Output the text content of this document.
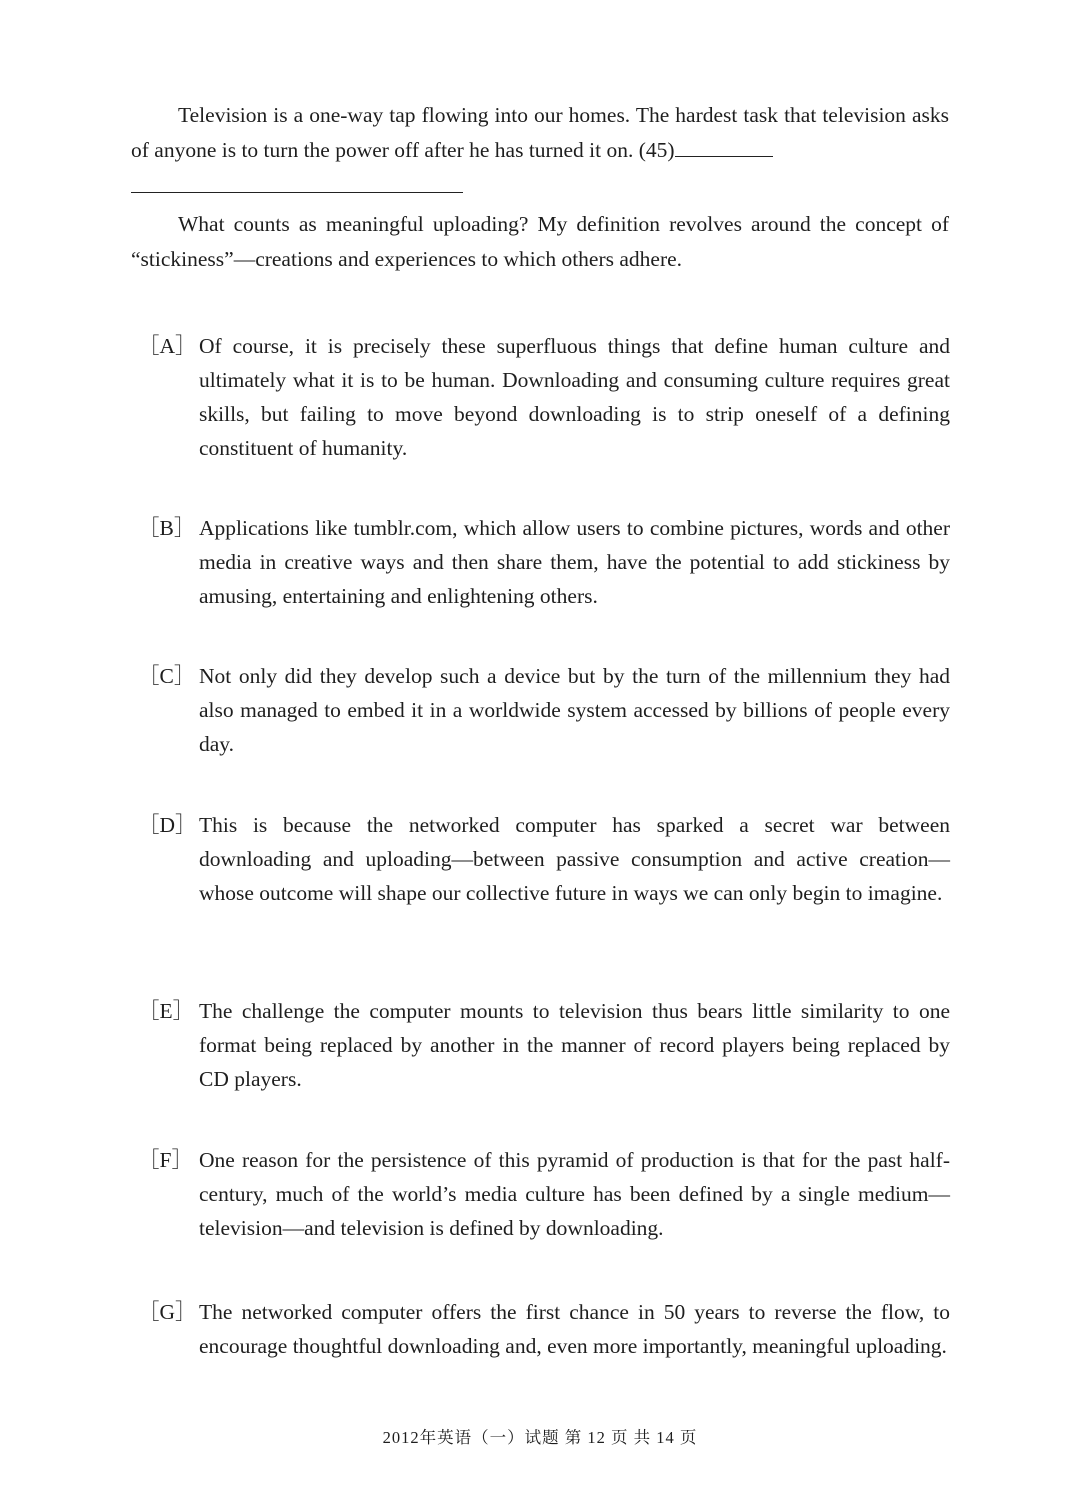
Television is a one-way tap flowing into our homes. The hardest task that television asks of anyone is to turn the power off after he has turned it on. (45)

What counts as meaningful uploading? My definition revolves around the concept of “stickiness”—creations and experiences to which others adhere.

［A］ Of course, it is precisely these superfluous things that define human culture and ultimately what it is to be human. Downloading and consuming culture requires great skills, but failing to move beyond downloading is to strip oneself of a defining constituent of humanity.
［B］ Applications like tumblr.com, which allow users to combine pictures, words and other media in creative ways and then share them, have the potential to add stickiness by amusing, entertaining and enlightening others.
［C］ Not only did they develop such a device but by the turn of the millennium they had also managed to embed it in a worldwide system accessed by billions of people every day.
［D］ This is because the networked computer has sparked a secret war between downloading and uploading—between passive consumption and active creation—whose outcome will shape our collective future in ways we can only begin to imagine.
［E］ The challenge the computer mounts to television thus bears little similarity to one format being replaced by another in the manner of record players being replaced by CD players.
［F］ One reason for the persistence of this pyramid of production is that for the past half-century, much of the world’s media culture has been defined by a single medium—television—and television is defined by downloading.
［G］ The networked computer offers the first chance in 50 years to reverse the flow, to encourage thoughtful downloading and, even more importantly, meaningful uploading.
2012年英语（一）试题 第 12 页 共 14 页
